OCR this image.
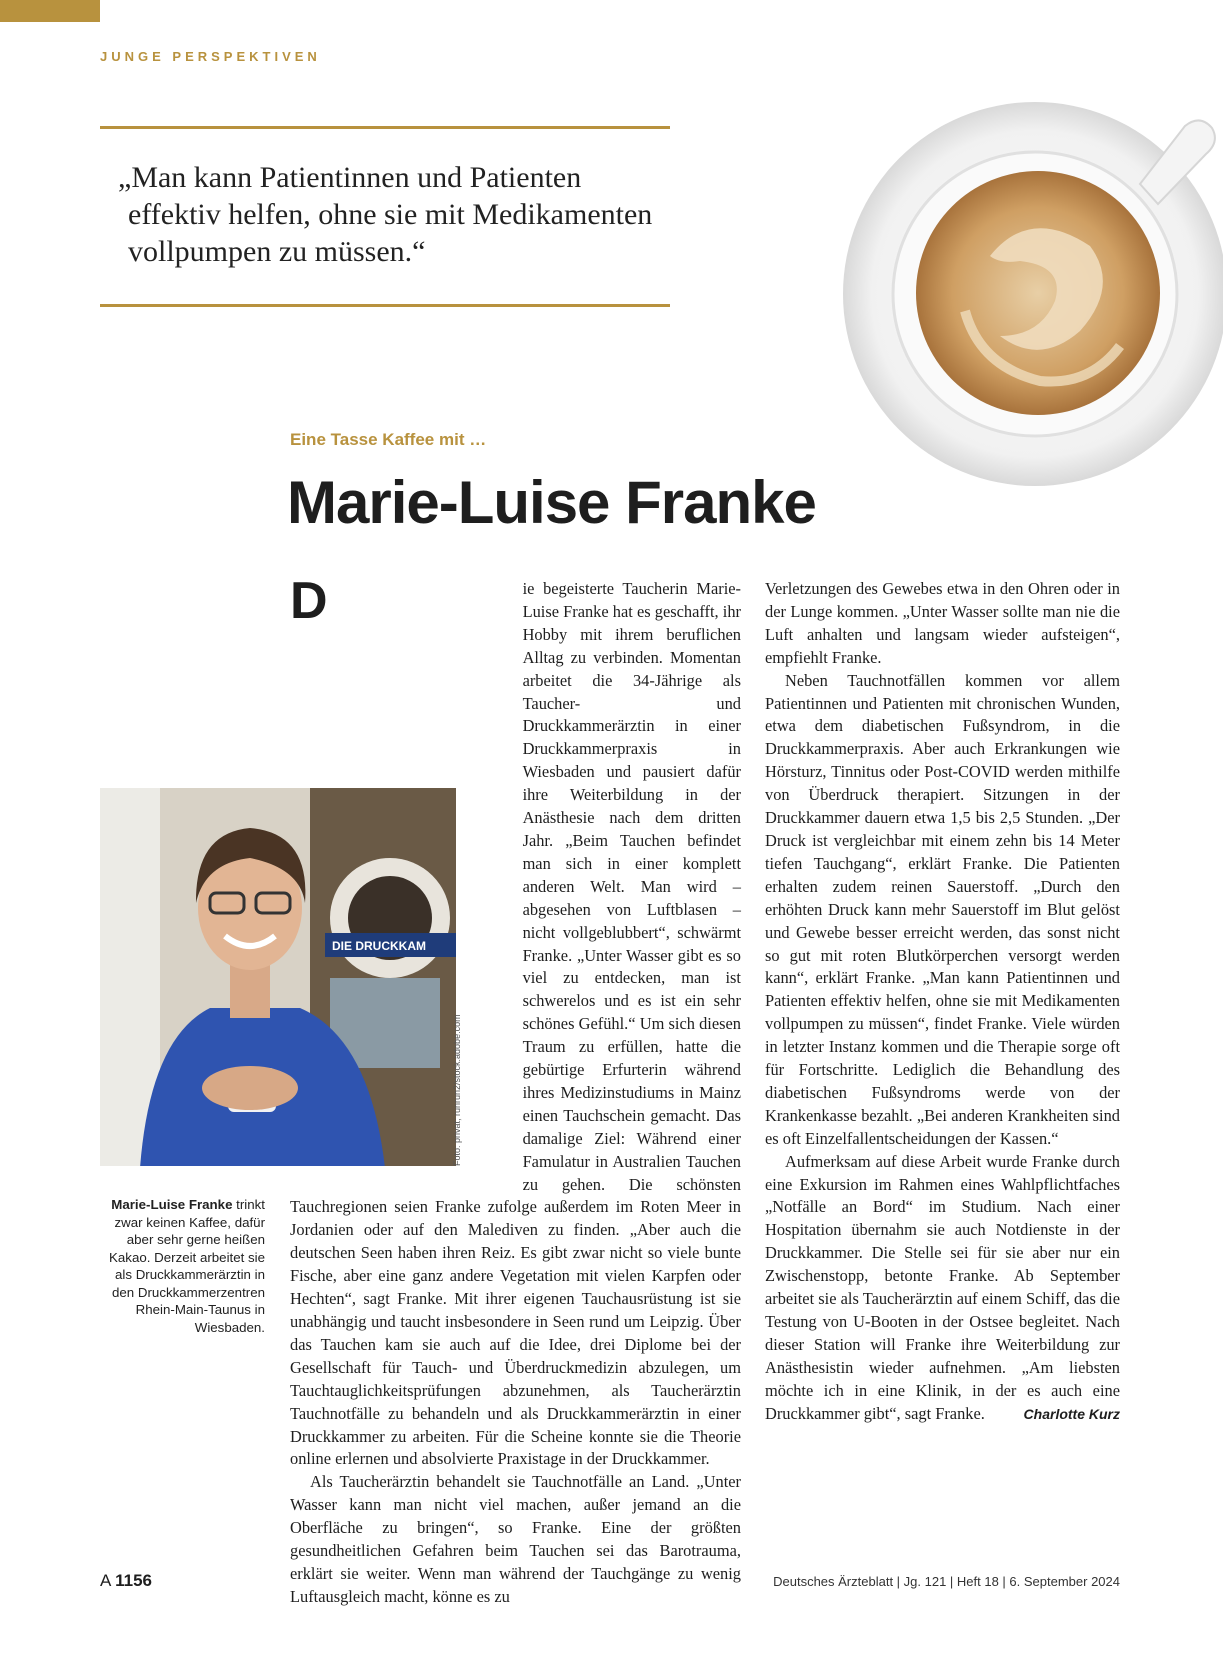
JUNGE PERSPEKTIVEN

„Man kann Patientinnen und Patienten effektiv helfen, ohne sie mit Medikamenten vollpumpen zu müssen.“

Eine Tasse Kaffee mit …
Marie-Luise Franke
D	ie begeisterte Taucherin Marie-Luise Franke hat es geschafft, ihr Hobby mit ihrem beruflichen Alltag zu verbinden. Momentan arbeitet die 34-Jährige als Taucher- und Druckkammerärztin in einer Druckkammerpraxis in Wiesbaden und pausiert dafür ihre Weiterbildung in der Anästhesie nach dem dritten Jahr. „Beim Tauchen befindet man sich in einer komplett anderen Welt. Man wird – abgesehen von Luftblasen – nicht vollgeblubbert“, schwärmt Franke. „Unter Wasser gibt es so viel zu entdecken, man ist schwerelos und es ist ein sehr schönes Gefühl.“ Um sich diesen Traum zu erfüllen, hatte die gebürtige Erfurterin während ihres Medizinstudiums in Mainz einen Tauchschein gemacht. Das damalige Ziel: Während einer Famulatur in Australien Tauchen zu gehen. Die schönsten Tauchregionen seien Franke zufolge außerdem im Roten Meer in Jordanien oder auf den Malediven zu finden. „Aber auch die deutschen Seen haben ihren Reiz. Es gibt zwar nicht so viele bunte Fische, aber eine ganz andere Vegetation mit vielen Karpfen oder Hechten“, sagt Franke. Mit ihrer eigenen Tauchausrüstung ist sie unabhängig und taucht insbesondere in Seen rund um Leipzig. Über das Tauchen kam sie auch auf die Idee, drei Diplome bei der Gesellschaft für Tauch- und Überdruckmedizin abzulegen, um Tauchtauglichkeitsprüfungen abzunehmen, als Taucherärztin Tauchnotfälle zu behandeln und als Druckkammerärztin in einer Druckkammer zu arbeiten. Für die Scheine konnte sie die Theorie online erlernen und absolvierte Praxistage in der Druckkammer.

Als Taucherärztin behandelt sie Tauchnotfälle an Land. „Unter Wasser kann man nicht viel machen, außer jemand an die Oberfläche zu bringen“, so Franke. Eine der größten gesundheitlichen Gefahren beim Tauchen sei das Barotrauma, erklärt sie weiter. Wenn man während der Tauchgänge zu wenig Luftausgleich macht, könne es zu

Verletzungen des Gewebes etwa in den Ohren oder in der Lunge kommen. „Unter Wasser sollte man nie die Luft anhalten und langsam wieder aufsteigen“, empfiehlt Franke.

Neben Tauchnotfällen kommen vor allem Patientinnen und Patienten mit chronischen Wunden, etwa dem diabetischen Fußsyndrom, in die Druckkammerpraxis. Aber auch Erkrankungen wie Hörsturz, Tinnitus oder Post-COVID werden mithilfe von Überdruck therapiert. Sitzungen in der Druckkammer dauern etwa 1,5 bis 2,5 Stunden. „Der Druck ist vergleichbar mit einem zehn bis 14 Meter tiefen Tauchgang“, erklärt Franke. Die Patienten erhalten zudem reinen Sauerstoff. „Durch den erhöhten Druck kann mehr Sauerstoff im Blut gelöst und Gewebe besser erreicht werden, das sonst nicht so gut mit roten Blutkörperchen versorgt werden kann“, erklärt Franke. „Man kann Patientinnen und Patienten effektiv helfen, ohne sie mit Medikamenten vollpumpen zu müssen“, findet Franke. Viele würden in letzter Instanz kommen und die Therapie sorge oft für Fortschritte. Lediglich die Behandlung des diabetischen Fußsyndroms werde von der Krankenkasse bezahlt. „Bei anderen Krankheiten sind es oft Einzelfallentscheidungen der Kassen.“

Aufmerksam auf diese Arbeit wurde Franke durch eine Exkursion im Rahmen eines Wahlpflichtfaches „Notfälle an Bord“ im Studium. Nach einer Hospitation übernahm sie auch Notdienste in der Druckkammer. Die Stelle sei für sie aber nur ein Zwischenstopp, betonte Franke. Ab September arbeitet sie als Taucherärztin auf einem Schiff, das die Testung von U-Booten in der Ostsee begleitet. Nach dieser Station will Franke ihre Weiterbildung zur Anästhesistin wieder aufnehmen. „Am liebsten möchte ich in eine Klinik, in der es auch eine Druckkammer gibt“, sagt Franke.	Charlotte Kurz

DIE DRUCKKAM
Foto: privat; runrun2/stock.adobe.com
Marie-Luise Franke trinkt zwar keinen Kaffee, dafür aber sehr gerne heißen Kakao. Derzeit arbeitet sie als Druckkammerärztin in den Druckkammerzentren Rhein-Main-Taunus in Wiesbaden.
A 1156	Deutsches Ärzteblatt | Jg. 121 | Heft 18 | 6. September 2024
